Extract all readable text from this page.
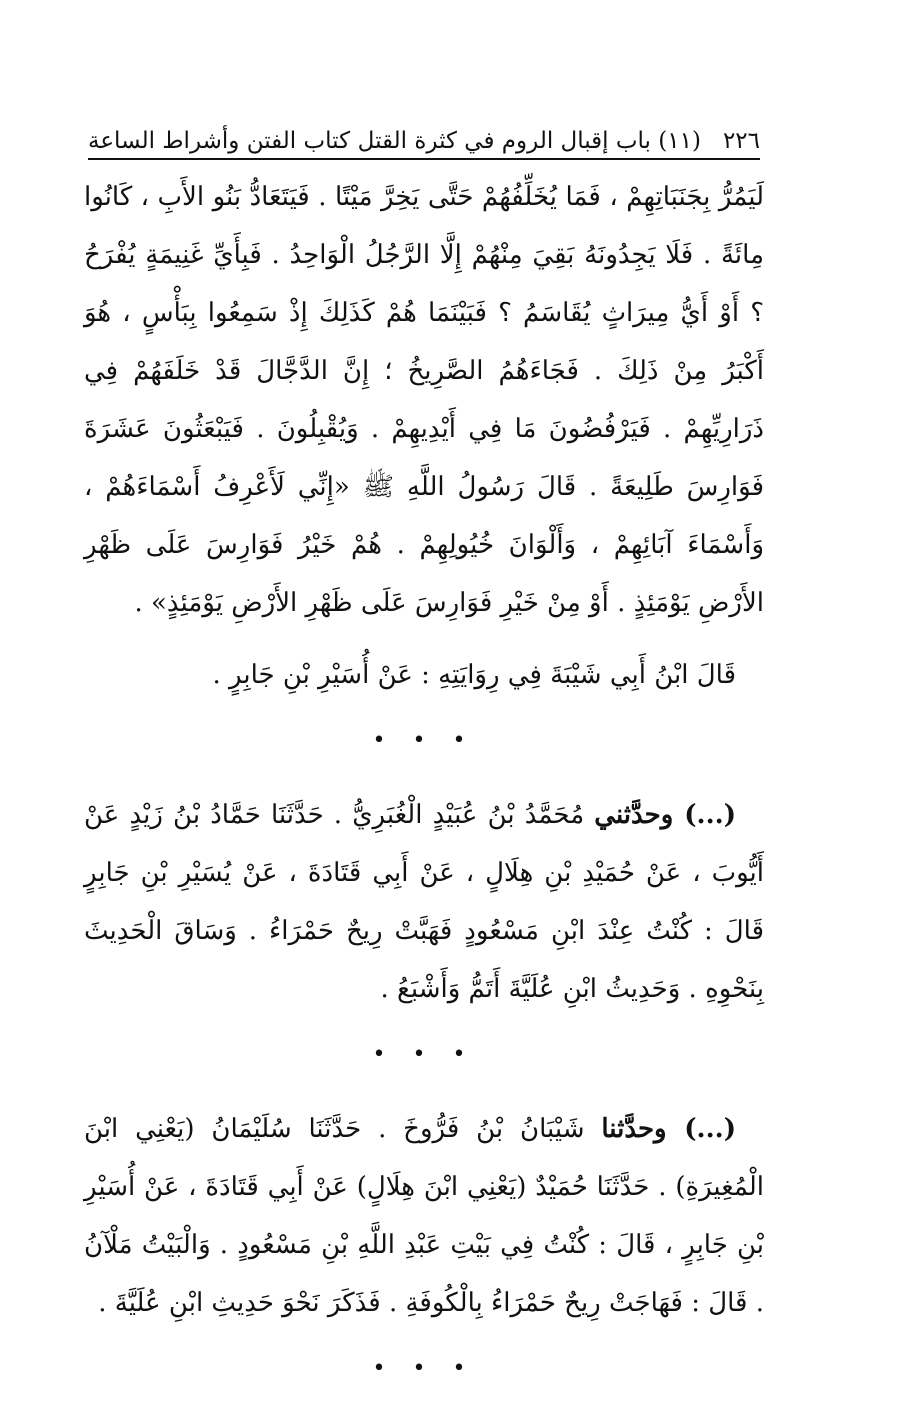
٢٢٦
(١١) باب إقبال الروم في كثرة القتل
كتاب الفتن وأشراط الساعة

لَيَمُرُّ بِجَنَبَاتِهِمْ ، فَمَا يُخَلِّفُهُمْ حَتَّى يَخِرَّ مَيْتًا . فَيَتَعَادُّ بَنُو الأَبِ ، كَانُوا مِائَةً . فَلَا يَجِدُونَهُ بَقِيَ مِنْهُمْ إِلَّا الرَّجُلُ الْوَاحِدُ . فَبِأَيِّ غَنِيمَةٍ يُفْرَحُ ؟ أَوْ أَيُّ مِيرَاثٍ يُقَاسَمُ ؟ فَبَيْنَمَا هُمْ كَذَلِكَ إِذْ سَمِعُوا بِبَأْسٍ ، هُوَ أَكْبَرُ مِنْ ذَلِكَ . فَجَاءَهُمُ الصَّرِيخُ ؛ إِنَّ الدَّجَّالَ قَدْ خَلَفَهُمْ فِي ذَرَارِيِّهِمْ . فَيَرْفُضُونَ مَا فِي أَيْدِيهِمْ . وَيُقْبِلُونَ . فَيَبْعَثُونَ عَشَرَةَ فَوَارِسَ طَلِيعَةً . قَالَ رَسُولُ اللَّهِ ﷺ «إِنِّي لَأَعْرِفُ أَسْمَاءَهُمْ ، وَأَسْمَاءَ آبَائِهِمْ ، وَأَلْوَانَ خُيُولِهِمْ . هُمْ خَيْرُ فَوَارِسَ عَلَى ظَهْرِ الأَرْضِ يَوْمَئِذٍ . أَوْ مِنْ خَيْرِ فَوَارِسَ عَلَى ظَهْرِ الأَرْضِ يَوْمَئِذٍ» .

قَالَ ابْنُ أَبِي شَيْبَةَ فِي رِوَايَتِهِ : عَنْ أُسَيْرِ بْنِ جَابِرٍ .

• • •

(...) وحدَّثني مُحَمَّدُ بْنُ عُبَيْدٍ الْغُبَرِيُّ . حَدَّثَنَا حَمَّادُ بْنُ زَيْدٍ عَنْ أَيُّوبَ ، عَنْ حُمَيْدِ بْنِ هِلَالٍ ، عَنْ أَبِي قَتَادَةَ ، عَنْ يُسَيْرِ بْنِ جَابِرٍ قَالَ : كُنْتُ عِنْدَ ابْنِ مَسْعُودٍ فَهَبَّتْ رِيحٌ حَمْرَاءُ . وَسَاقَ الْحَدِيثَ بِنَحْوِهِ . وَحَدِيثُ ابْنِ عُلَيَّةَ أَتَمُّ وَأَشْبَعُ .

• • •

(...) وحدَّثنا شَيْبَانُ بْنُ فَرُّوخَ . حَدَّثَنَا سُلَيْمَانُ (يَعْنِي ابْنَ الْمُغِيرَةِ) . حَدَّثَنَا حُمَيْدٌ (يَعْنِي ابْنَ هِلَالٍ) عَنْ أَبِي قَتَادَةَ ، عَنْ أُسَيْرِ بْنِ جَابِرٍ ، قَالَ : كُنْتُ فِي بَيْتِ عَبْدِ اللَّهِ بْنِ مَسْعُودٍ . وَالْبَيْتُ مَلْآنُ . قَالَ : فَهَاجَتْ رِيحٌ حَمْرَاءُ بِالْكُوفَةِ . فَذَكَرَ نَحْوَ حَدِيثِ ابْنِ عُلَيَّةَ .

• • •
